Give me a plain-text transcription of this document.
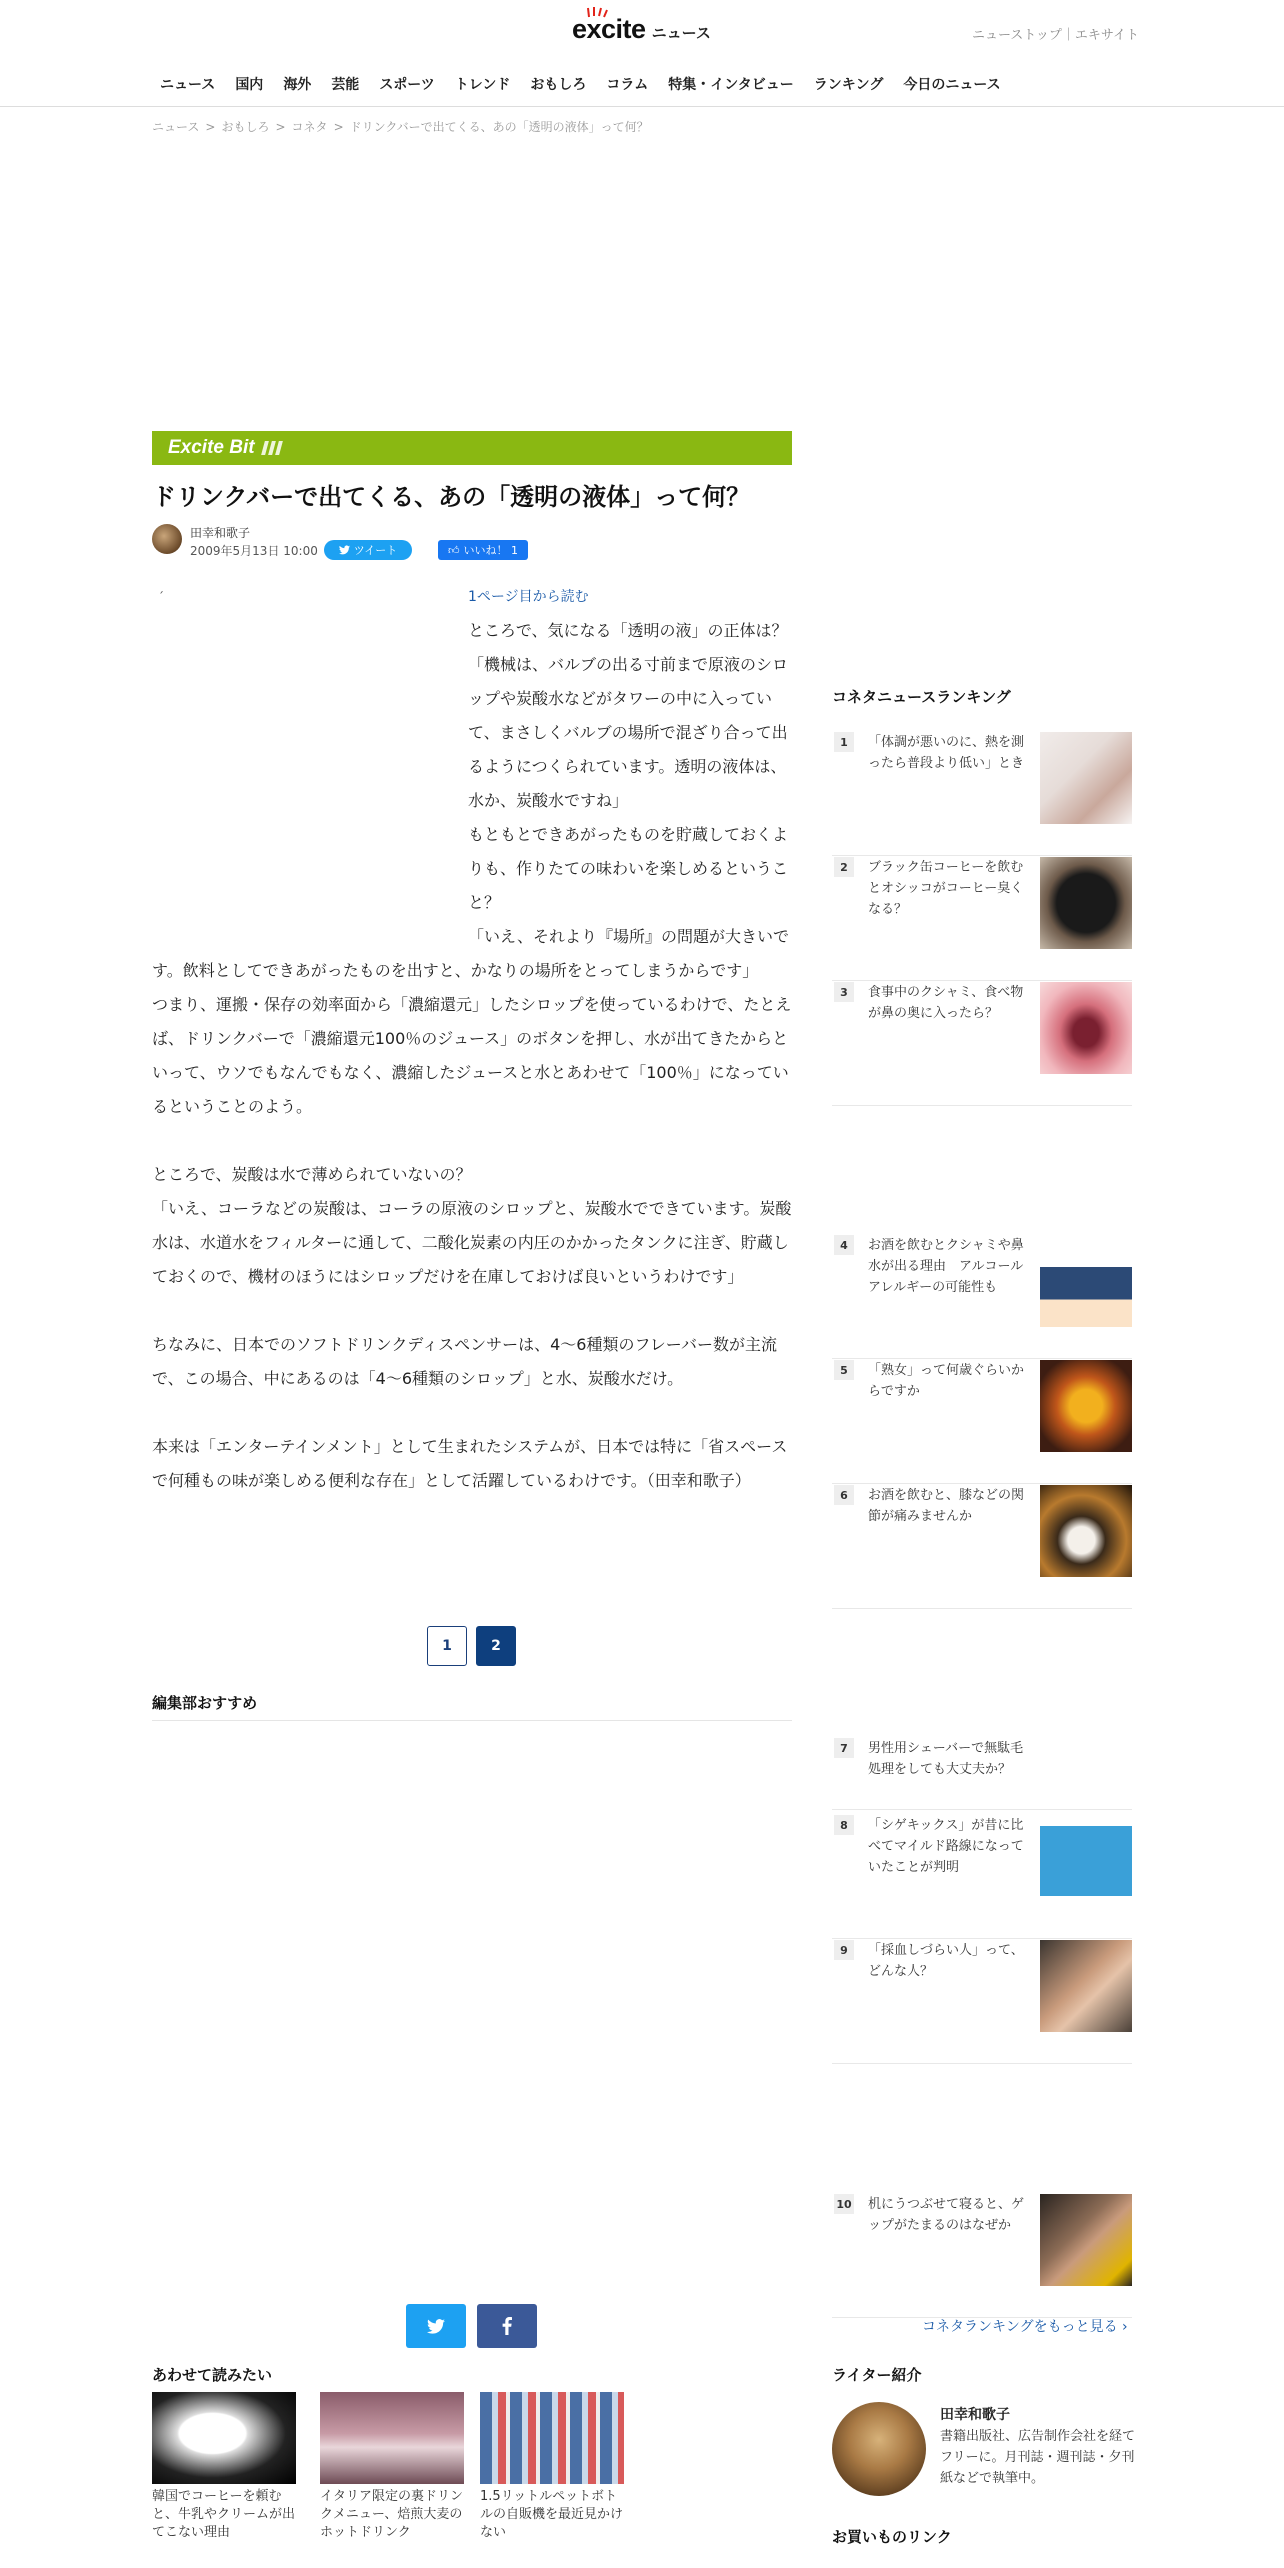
excite ニュース	ニューストップ｜エキサイト
ニュース	国内	海外	芸能	スポーツ	トレンド	おもしろ	コラム	特集・インタビュー	ランキング	今日のニュース
ニュース > おもしろ > コネタ > ドリンクバーで出てくる、あの「透明の液体」って何？
Excite Bit
ドリンクバーで出てくる、あの「透明の液体」って何？
田幸和歌子
2009年5月13日 10:00	ツイート	👍︎ いいね！ 1
´	1ページ目から読む

ところで、気になる「透明の液」の正体は？

「機械は、バルブの出る寸前まで原液のシロップや炭酸水などがタワーの中に入っていて、まさしくバルブの場所で混ざり合って出るようにつくられています。透明の液体は、水か、炭酸水ですね」

もともとできあがったものを貯蔵しておくよりも、作りたての味わいを楽しめるということ？

「いえ、それより『場所』の問題が大きいです。飲料としてできあがったものを出すと、かなりの場所をとってしまうからです」

つまり、運搬・保存の効率面から「濃縮還元」したシロップを使っているわけで、たとえば、ドリンクバーで「濃縮還元100％のジュース」のボタンを押し、水が出てきたからといって、ウソでもなんでもなく、濃縮したジュースと水とあわせて「100％」になっているということのよう。

ところで、炭酸は水で薄められていないの？

「いえ、コーラなどの炭酸は、コーラの原液のシロップと、炭酸水でできています。炭酸水は、水道水をフィルターに通して、二酸化炭素の内圧のかかったタンクに注ぎ、貯蔵しておくので、機材のほうにはシロップだけを在庫しておけば良いというわけです」

ちなみに、日本でのソフトドリンクディスペンサーは、4～6種類のフレーバー数が主流で、この場合、中にあるのは「4～6種類のシロップ」と水、炭酸水だけ。

本来は「エンターテインメント」として生まれたシステムが、日本では特に「省スペースで何種もの味が楽しめる便利な存在」として活躍しているわけです。（田幸和歌子）

1	2
編集部おすすめ
あわせて読みたい
韓国でコーヒーを頼むと、牛乳やクリームが出てこない理由
イタリア限定の裏ドリンクメニュー、焙煎大麦のホットドリンク
1.5リットルペットボトルの自販機を最近見かけない
コネタニュースランキング
1	「体調が悪いのに、熱を測ったら普段より低い」とき
2	ブラック缶コーヒーを飲むとオシッコがコーヒー臭くなる？
3	食事中のクシャミ、食べ物が鼻の奥に入ったら？
4	お酒を飲むとクシャミや鼻水が出る理由　アルコールアレルギーの可能性も
5	「熟女」って何歳ぐらいからですか
6	お酒を飲むと、膝などの関節が痛みませんか
7	男性用シェーバーで無駄毛処理をしても大丈夫か？
8	「シゲキックス」が昔に比べてマイルド路線になっていたことが判明
9	「採血しづらい人」って、どんな人？
10 机にうつぶせて寝ると、ゲップがたまるのはなぜか
コネタランキングをもっと見る ›
ライター紹介
田幸和歌子
書籍出版社、広告制作会社を経てフリーに。月刊誌・週刊誌・夕刊紙などで執筆中。
お買いものリンク
